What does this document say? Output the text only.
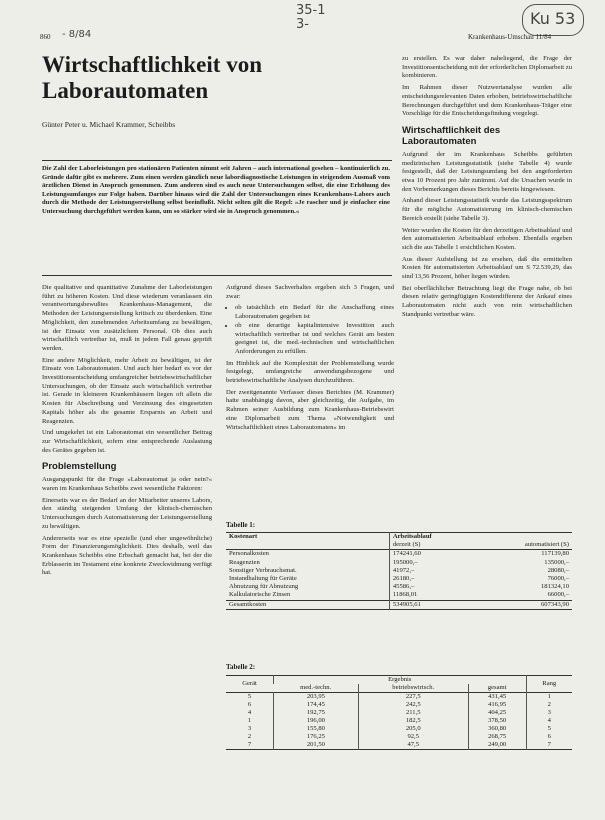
860 - 8/84
35-1
3-	Ku 53
Krankenhaus-Umschau 11/84
Wirtschaftlichkeit von Laborautomaten
Günter Peter u. Michael Krammer, Scheibbs
Die Zahl der Laborleistungen pro stationären Patienten nimmt seit Jahren – auch international gesehen – kontinuierlich zu. Gründe dafür gibt es mehrere. Zum einen werden gänzlich neue labordiagnostische Leistungen in steigendem Ausmaß vom ärztlichen Dienst in Anspruch genommen. Zum anderen sind es auch neue Untersuchungen selbst, die eine Erhöhung des Leistungsumfanges zur Folge haben. Darüber hinaus wird die Zahl der Untersuchungen eines Krankenhaus-Labors auch durch die Methode der Leistungserstellung selbst beeinflußt. Nicht selten gilt die Regel: »Je rascher und je einfacher eine Untersuchung durchgeführt werden kann, um so stärker wird sie in Anspruch genommen.«

Die qualitative und quantitative Zunahme der Laborleistungen führt zu höheren Kosten. Und diese wiederum veranlassen ein verantwortungsbewußtes Krankenhaus-Management, die Methoden der Leistungserstellung kritisch zu überdenken. Eine Möglichkeit, den zunehmenden Arbeitsumfang zu bewältigen, ist der Einsatz von zusätzlichem Personal. Ob dies auch wirtschaftlich vertretbar ist, muß in jedem Fall genau geprüft werden.

Eine andere Möglichkeit, mehr Arbeit zu bewältigen, ist der Einsatz von Laborautomaten. Und auch hier bedarf es vor der Investitionsentscheidung umfangreicher betriebswirtschaftlicher Untersuchungen, ob der Einsatz auch wirtschaftlich vertretbar ist. Gerade in kleineren Krankenhäusern liegen oft allein die Kosten für Abschreibung und Verzinsung des eingesetzten Kapitals höher als die gesamte Ersparnis an Arbeit und Reagenzien.

Und umgekehrt ist ein Laborautomat ein wesentlicher Beitrag zur Wirtschaftlichkeit, sofern eine entsprechende Auslastung des Gerätes gegeben ist.

Problemstellung

Ausgangspunkt für die Frage »Laborautomat ja oder nein?« waren im Krankenhaus Scheibbs zwei wesentliche Faktoren:

Einerseits war es der Bedarf an der Mitarbeiter unseres Labors, den ständig steigenden Umfang der klinisch-chemischen Untersuchungen durch Automatisierung der Leistungserstellung zu bewältigen.

Andererseits war es eine spezielle (und eher ungewöhnliche) Form der Finanzierungsmöglichkeit. Dies deshalb, weil das Krankenhaus Scheibbs eine Erbschaft gemacht hat, bei der die Erblasserin im Testament eine konkrete Zweckwidmung verfügt hat.

Aufgrund dieses Sachverhaltes ergeben sich 3 Fragen, und zwar:

• ob tatsächlich ein Bedarf für die Anschaffung eines Laborautomaten gegeben ist
• ob eine derartige kapitalintensive Investition auch wirtschaftlich vertretbar ist und welches Gerät am besten geeignet ist, die med.-technischen und wirtschaftlichen Anforderungen zu erfüllen.

Im Hinblick auf die Komplexität der Problemstellung wurde festgelegt, umfangreiche anwendungsbezogene und betriebswirtschaftliche Analysen durchzuführen.

Der zweitgenannte Verfasser dieses Berichtes (M. Krammer) hatte unabhängig davon, aber gleichzeitig, die Aufgabe, im Rahmen seiner Ausbildung zum Krankenhaus-Betriebswirt eine Diplomarbeit zum Thema »Notwendigkeit und Wirtschaftlichkeit eines Laborautomaten« im

zu erstellen. Es war daher naheliegend, die Frage der Investitionsentscheidung mit der erforderlichen Diplomarbeit zu kombinieren.

Im Rahmen dieser Nutzwertanalyse wurden alle entscheidungsrelevanten Daten erhoben, betriebswirtschaftliche Berechnungen durchgeführt und dem Krankenhaus-Träger eine Vorschläge für die Entscheidungsfindung vorgelegt.

Wirtschaftlichkeit des Laborautomaten

Aufgrund der im Krankenhaus Scheibbs geführten medizinischen Leistungsstatistik (siehe Tabelle 4) wurde festgestellt, daß der Leistungsumfang bei den angeforderten etwa 10 Prozent pro Jahr zunimmt. Auf die Ursachen wurde in den Vorbemerkungen dieses Berichts bereits hingewiesen.

Anhand dieser Leistungsstatistik wurde das Leistungsspektrum für die mögliche Automatisierung im klinisch-chemischen Bereich erstellt (siehe Tabelle 3).

Weiter wurden die Kosten für den derzeitigen Arbeitsablauf und den automatisierten Arbeitsablauf erhoben. Ebenfalls ergeben sich die aus Tabelle 1 ersichtlichen Kosten.

Aus dieser Aufstellung ist zu ersehen, daß die ermittelten Kosten für automatisierten Arbeitsablauf um S 72.539,29, das sind 13,56 Prozent, höher liegen würden.

Bei oberflächlicher Betrachtung liegt die Frage nahe, ob bei diesen relativ geringfügigen Kostendifferenz der Ankauf eines Laborautomaten nicht auch von rein wirtschaftlichen Standpunkt vertretbar wäre.

Tabelle 1:
Kostenart	Arbeitsablauf	
	derzeit (S)	automatisiert (S)
Personalkosten	174241,60	117139,80
Reagenzien	195000,–	135000,–
Sonstiger Verbrauchsmat.	41972,–	28080,–
Instandhaltung für Geräte	26180,–	76000,–
Abnutzung für Abnutzung	45586,–	181324,10
Kalkulatorische Zinsen	11868,01	66000,–
Gesamtkosten	534905,61	607343,90
Tabelle 2:
Gerät	Ergebnis			Rang
	med.-techn.	betriebswirtsch.	gesamt	
5	203,95	227,5	431,45	1
6	174,45	242,5	416,95	2
4	192,75	211,5	404,25	3
1	196,00	182,5	378,50	4
3	155,80	205,0	360,80	5
2	176,25	92,5	268,75	6
7	201,50	47,5	249,00	7
